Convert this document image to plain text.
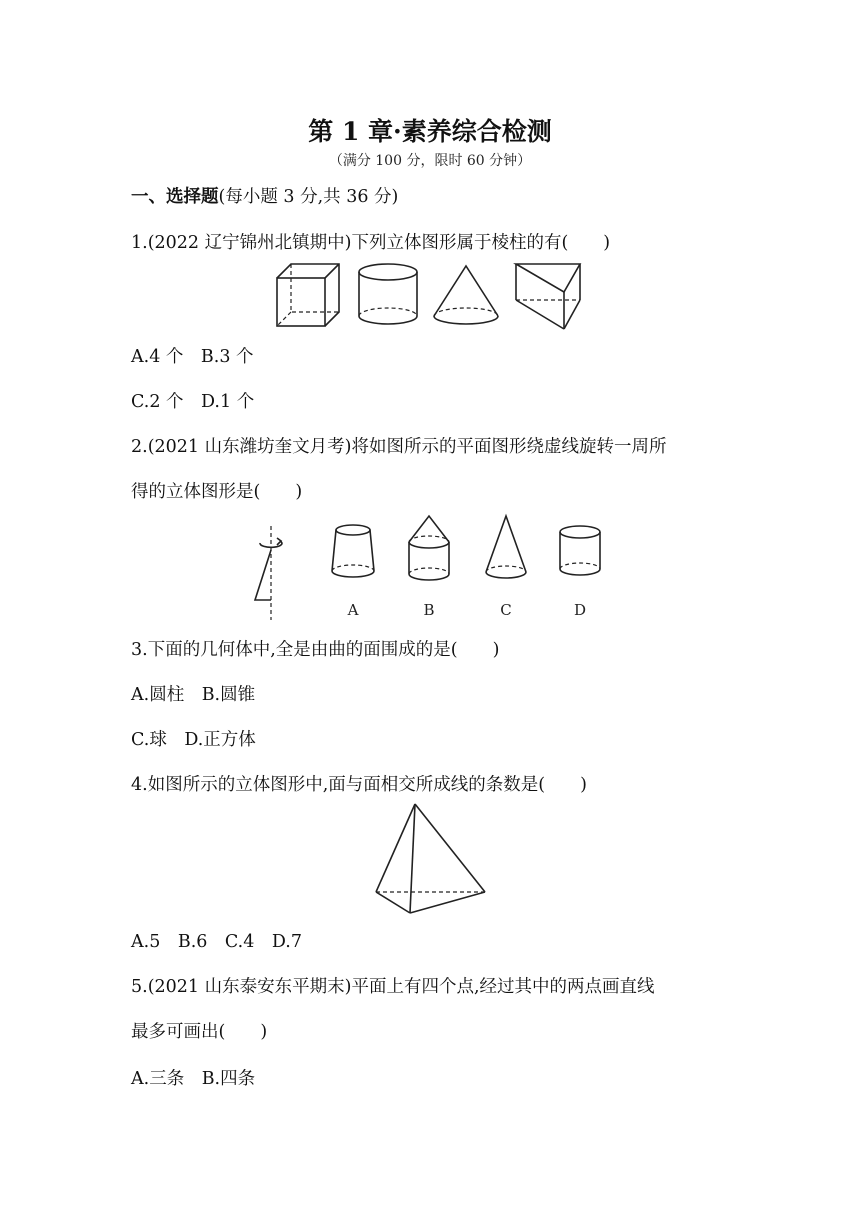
第 1 章·素养综合检测
（满分 100 分，限时 60 分钟）
一、选择题(每小题 3 分,共 36 分)
1.(2022 辽宁锦州北镇期中)下列立体图形属于棱柱的有(　　)
A.4 个　B.3 个
C.2 个　D.1 个
2.(2021 山东潍坊奎文月考)将如图所示的平面图形绕虚线旋转一周所
得的立体图形是(　　)
A	B	C	D
3.下面的几何体中,全是由曲的面围成的是(　　)
A.圆柱　B.圆锥
C.球　D.正方体
4.如图所示的立体图形中,面与面相交所成线的条数是(　　)
A.5　B.6　C.4　D.7
5.(2021 山东泰安东平期末)平面上有四个点,经过其中的两点画直线
最多可画出(　　)
A.三条　B.四条
